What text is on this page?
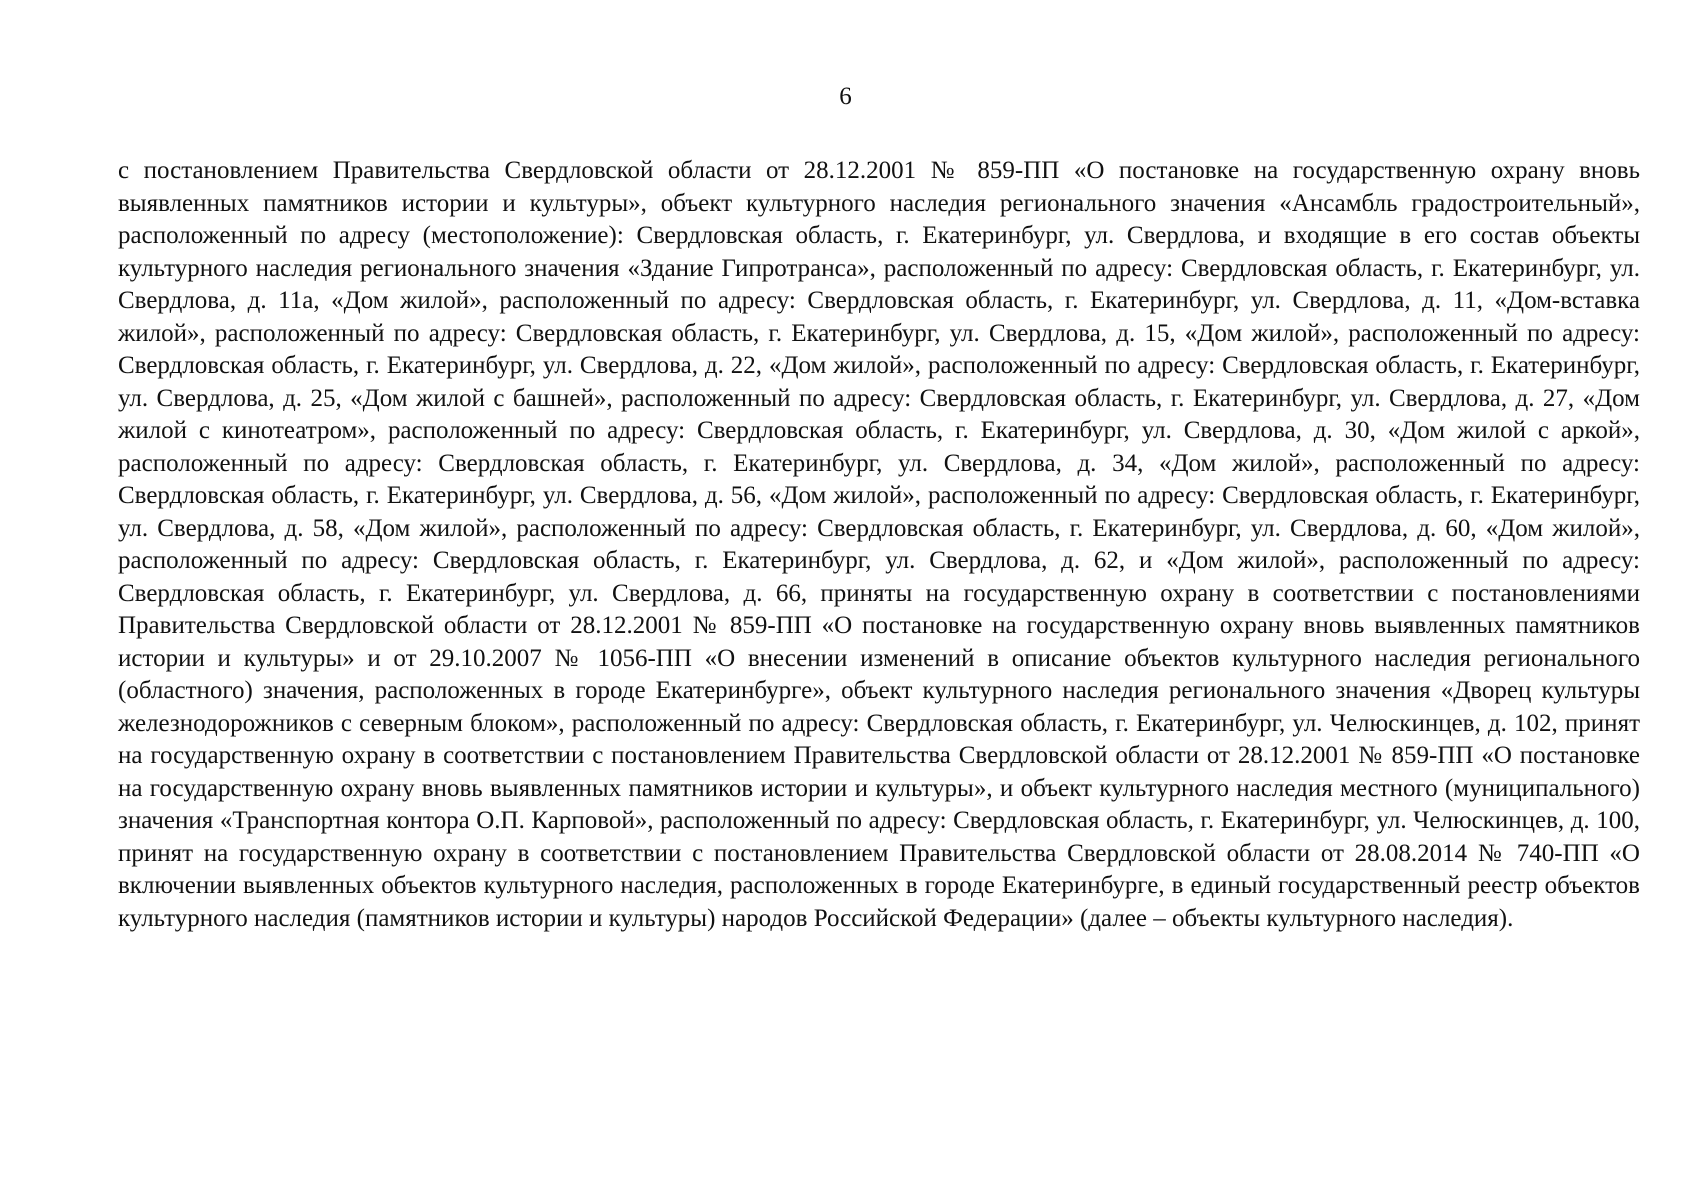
6

с постановлением Правительства Свердловской области от 28.12.2001 № 859-ПП «О постановке на государственную охрану вновь выявленных памятников истории и культуры», объект культурного наследия регионального значения «Ансамбль градостроительный», расположенный по адресу (местоположение): Свердловская область, г. Екатеринбург, ул. Свердлова, и входящие в его состав объекты культурного наследия регионального значения «Здание Гипротранса», расположенный по адресу: Свердловская область, г. Екатеринбург, ул. Свердлова, д. 11а, «Дом жилой», расположенный по адресу: Свердловская область, г. Екатеринбург, ул. Свердлова, д. 11, «Дом-вставка жилой», расположенный по адресу: Свердловская область, г. Екатеринбург, ул. Свердлова, д. 15, «Дом жилой», расположенный по адресу: Свердловская область, г. Екатеринбург, ул. Свердлова, д. 22, «Дом жилой», расположенный по адресу: Свердловская область, г. Екатеринбург, ул. Свердлова, д. 25, «Дом жилой с башней», расположенный по адресу: Свердловская область, г. Екатеринбург, ул. Свердлова, д. 27, «Дом жилой с кинотеатром», расположенный по адресу: Свердловская область, г. Екатеринбург, ул. Свердлова, д. 30, «Дом жилой с аркой», расположенный по адресу: Свердловская область, г. Екатеринбург, ул. Свердлова, д. 34, «Дом жилой», расположенный по адресу: Свердловская область, г. Екатеринбург, ул. Свердлова, д. 56, «Дом жилой», расположенный по адресу: Свердловская область, г. Екатеринбург, ул. Свердлова, д. 58, «Дом жилой», расположенный по адресу: Свердловская область, г. Екатеринбург, ул. Свердлова, д. 60, «Дом жилой», расположенный по адресу: Свердловская область, г. Екатеринбург, ул. Свердлова, д. 62, и «Дом жилой», расположенный по адресу: Свердловская область, г. Екатеринбург, ул. Свердлова, д. 66, приняты на государственную охрану в соответствии с постановлениями Правительства Свердловской области от 28.12.2001 № 859-ПП «О постановке на государственную охрану вновь выявленных памятников истории и культуры» и от 29.10.2007 № 1056-ПП «О внесении изменений в описание объектов культурного наследия регионального (областного) значения, расположенных в городе Екатеринбурге», объект культурного наследия регионального значения «Дворец культуры железнодорожников с северным блоком», расположенный по адресу: Свердловская область, г. Екатеринбург, ул. Челюскинцев, д. 102, принят на государственную охрану в соответствии с постановлением Правительства Свердловской области от 28.12.2001 № 859-ПП «О постановке на государственную охрану вновь выявленных памятников истории и культуры», и объект культурного наследия местного (муниципального) значения «Транспортная контора О.П. Карповой», расположенный по адресу: Свердловская область, г. Екатеринбург, ул. Челюскинцев, д. 100, принят на государственную охрану в соответствии с постановлением Правительства Свердловской области от 28.08.2014 № 740-ПП «О включении выявленных объектов культурного наследия, расположенных в городе Екатеринбурге, в единый государственный реестр объектов культурного наследия (памятников истории и культуры) народов Российской Федерации» (далее – объекты культурного наследия).
